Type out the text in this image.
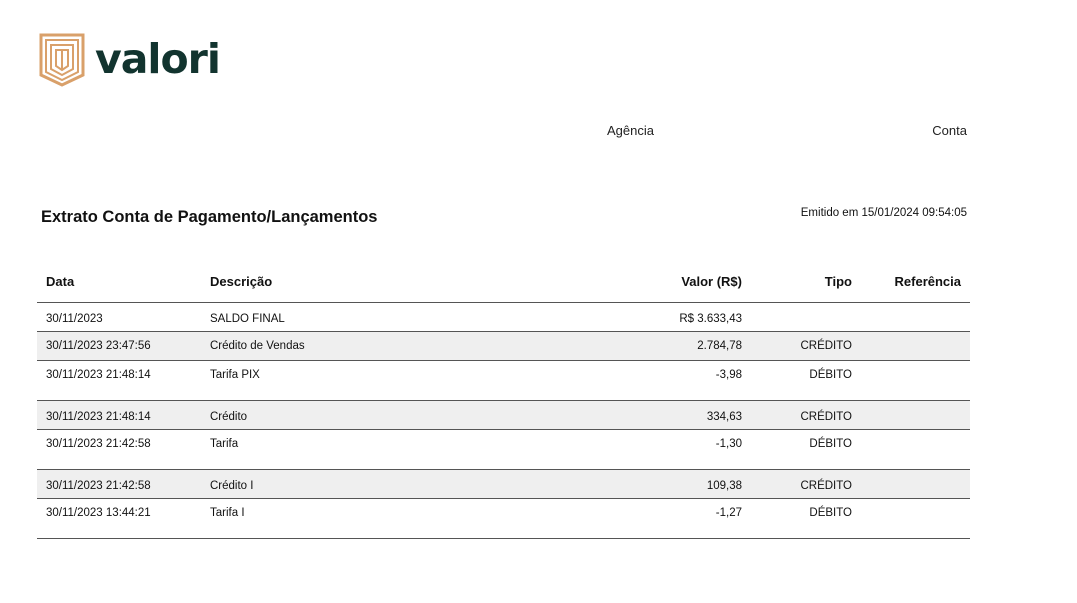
valori
Agência	Conta
Extrato Conta de Pagamento/Lançamentos	Emitido em 15/01/2024 09:54:05
Data	Descrição	Valor (R$)	Tipo	Referência
30/11/2023	SALDO FINAL	R$ 3.633,43
30/11/2023 23:47:56	Crédito de Vendas	2.784,78	CRÉDITO
30/11/2023 21:48:14	Tarifa PIX	-3,98	DÉBITO
30/11/2023 21:48:14	Crédito	334,63	CRÉDITO
30/11/2023 21:42:58	Tarifa	-1,30	DÉBITO
30/11/2023 21:42:58	Crédito I	109,38	CRÉDITO
30/11/2023 13:44:21	Tarifa I	-1,27	DÉBITO
